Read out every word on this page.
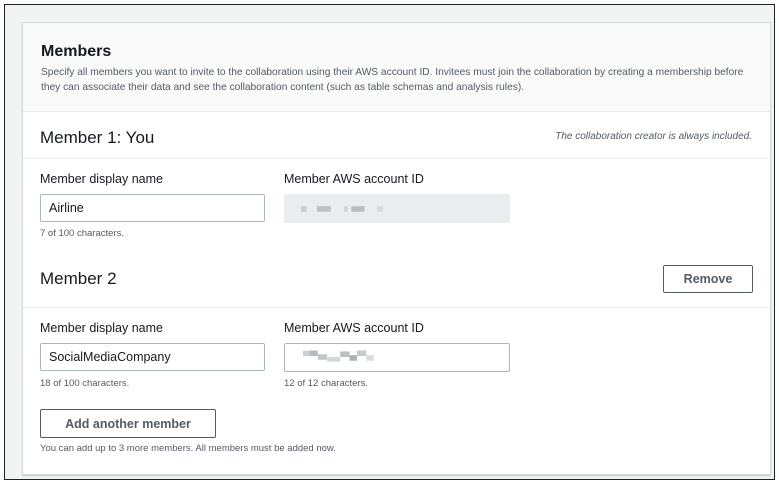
Members
Specify all members you want to invite to the collaboration using their AWS account ID. Invitees must join the collaboration by creating a membership before they can associate their data and see the collaboration content (such as table schemas and analysis rules).
Member 1: You	The collaboration creator is always included.
Member display name
Airline
7 of 100 characters.
Member AWS account ID
Member 2	Remove
Member display name
SocialMediaCompany
18 of 100 characters.
Member AWS account ID
12 of 12 characters.
Add another member
You can add up to 3 more members. All members must be added now.
